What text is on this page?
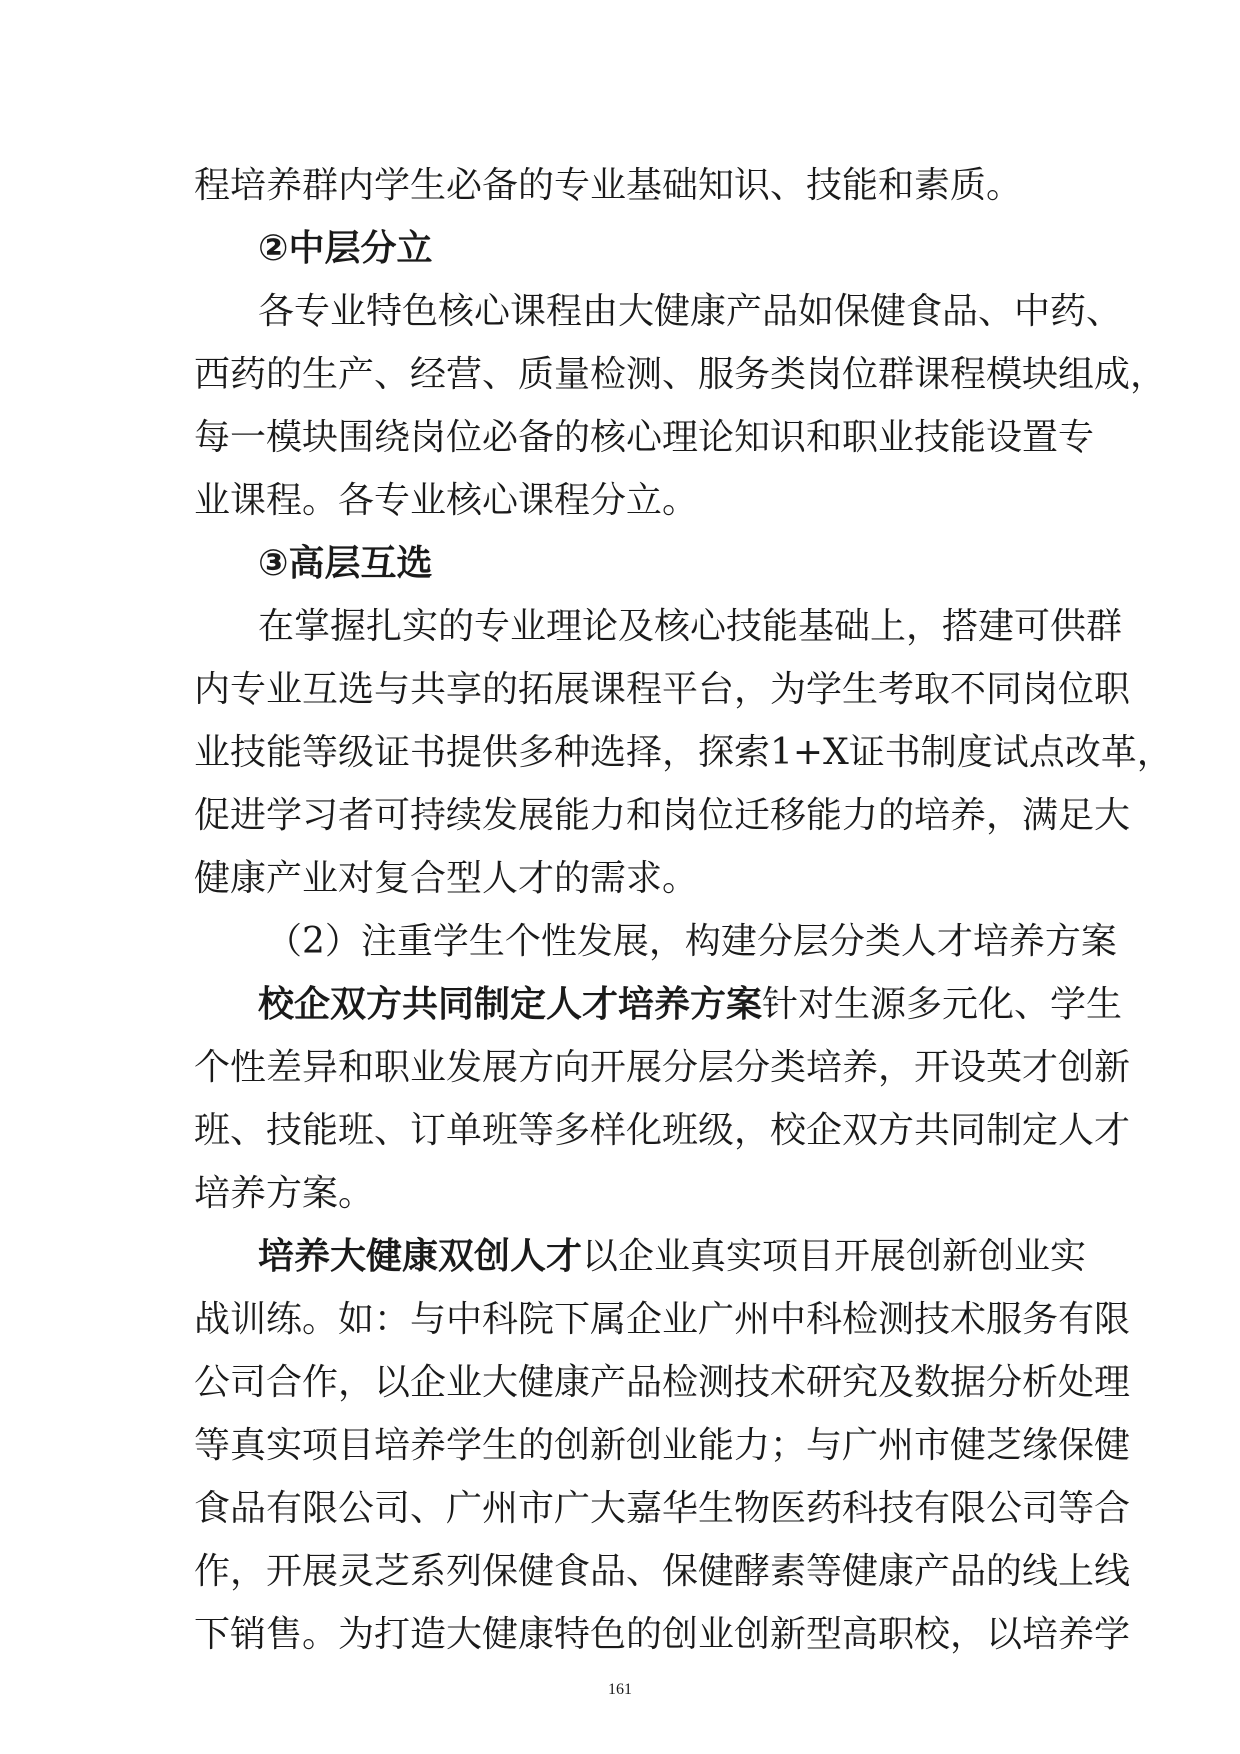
程培养群内学生必备的专业基础知识、技能和素质。
②中层分立
各专业特色核心课程由大健康产品如保健食品、中药、
西药的生产、经营、质量检测、服务类岗位群课程模块组成，
每一模块围绕岗位必备的核心理论知识和职业技能设置专
业课程。各专业核心课程分立。
③高层互选
在掌握扎实的专业理论及核心技能基础上，搭建可供群
内专业互选与共享的拓展课程平台，为学生考取不同岗位职
业技能等级证书提供多种选择，探索1+X证书制度试点改革，
促进学习者可持续发展能力和岗位迁移能力的培养，满足大
健康产业对复合型人才的需求。
（2）注重学生个性发展，构建分层分类人才培养方案
校企双方共同制定人才培养方案针对生源多元化、学生
个性差异和职业发展方向开展分层分类培养，开设英才创新
班、技能班、订单班等多样化班级，校企双方共同制定人才
培养方案。
培养大健康双创人才以企业真实项目开展创新创业实
战训练。如：与中科院下属企业广州中科检测技术服务有限
公司合作，以企业大健康产品检测技术研究及数据分析处理
等真实项目培养学生的创新创业能力；与广州市健芝缘保健
食品有限公司、广州市广大嘉华生物医药科技有限公司等合
作，开展灵芝系列保健食品、保健酵素等健康产品的线上线
下销售。为打造大健康特色的创业创新型高职校，以培养学
161
